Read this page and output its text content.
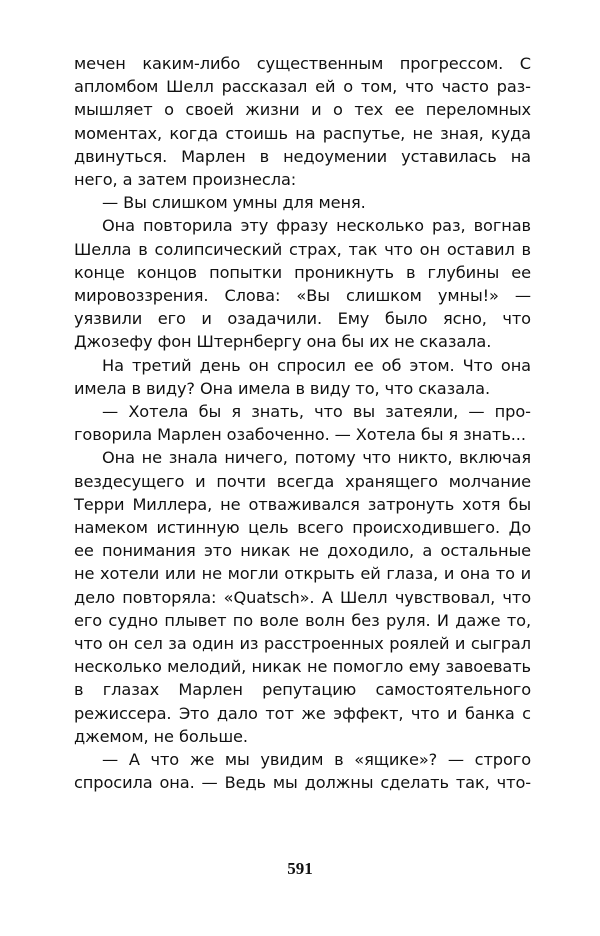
мечен каким-либо существенным прогрессом. С апломбом Шелл рассказал ей о том, что часто размышляет о своей жизни и о тех ее переломных моментах, когда стоишь на распутье, не зная, куда двинуться. Марлен в недоумении уставилась на него, а затем произнесла:

— Вы слишком умны для меня.

Она повторила эту фразу несколько раз, вогнав Шелла в солипсический страх, так что он оставил в конце концов попытки проникнуть в глубины ее мировоззрения. Слова: «Вы слишком умны!» — уязвили его и озадачили. Ему было ясно, что Джозефу фон Штернбергу она бы их не сказала.

На третий день он спросил ее об этом. Что она имела в виду? Она имела в виду то, что сказала.

— Хотела бы я знать, что вы затеяли, — проговорила Марлен озабоченно. — Хотела бы я знать...

Она не знала ничего, потому что никто, включая вездесущего и почти всегда хранящего молчание Терри Миллера, не отваживался затронуть хотя бы намеком истинную цель всего происходившего. До ее понимания это никак не доходило, а остальные не хотели или не могли открыть ей глаза, и она то и дело повторяла: «Quatsch». А Шелл чувствовал, что его судно плывет по воле волн без руля. И даже то, что он сел за один из расстроенных роялей и сыграл несколько мелодий, никак не помогло ему завоевать в глазах Марлен репутацию самостоятельного режиссера. Это дало тот же эффект, что и банка с джемом, не больше.

— А что же мы увидим в «ящике»? — строго спросила она. — Ведь мы должны сделать так, что-

591
